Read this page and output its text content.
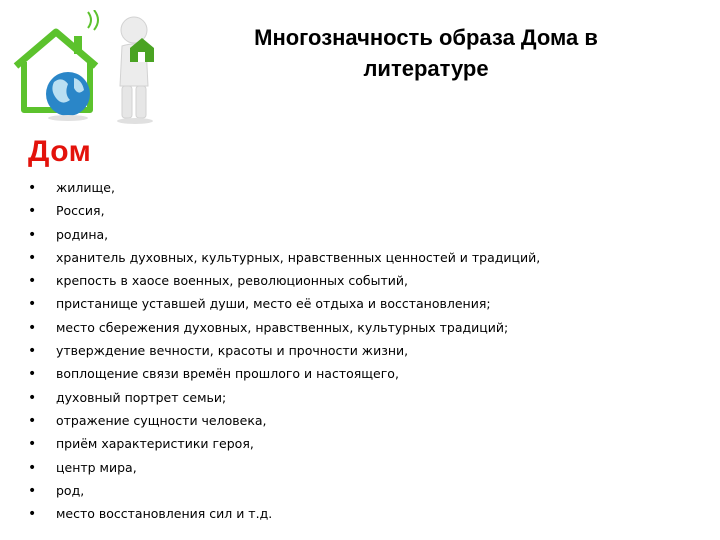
Многозначность образа Дома в литературе
Дом
• жилище,
• Россия,
• родина,
• хранитель духовных, культурных, нравственных ценностей и традиций,
• крепость в хаосе военных, революционных событий,
• пристанище уставшей души, место её отдыха и восстановления;
• место сбережения духовных, нравственных, культурных традиций;
• утверждение вечности, красоты и прочности жизни,
• воплощение связи времён прошлого и настоящего,
• духовный портрет семьи;
• отражение сущности человека,
• приём характеристики героя,
• центр мира,
• род,
• место восстановления сил и т.д.
